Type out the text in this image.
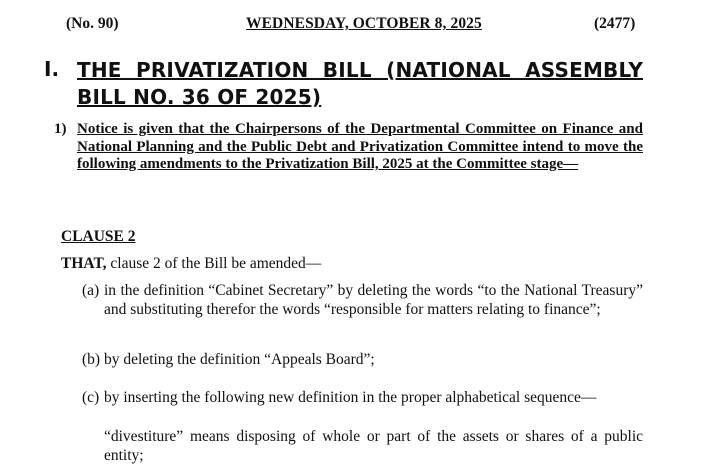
(No. 90)	WEDNESDAY, OCTOBER 8, 2025	(2477)
I. THE PRIVATIZATION BILL (NATIONAL ASSEMBLY BILL NO. 36 OF 2025)
1) Notice is given that the Chairpersons of the Departmental Committee on Finance and National Planning and the Public Debt and Privatization Committee intend to move the following amendments to the Privatization Bill, 2025 at the Committee stage—
CLAUSE 2
THAT, clause 2 of the Bill be amended—
(a) in the definition “Cabinet Secretary” by deleting the words “to the National Treasury” and substituting therefor the words “responsible for matters relating to finance”;
(b) by deleting the definition “Appeals Board”;
(c) by inserting the following new definition in the proper alphabetical sequence—
“divestiture” means disposing of whole or part of the assets or shares of a public entity;
